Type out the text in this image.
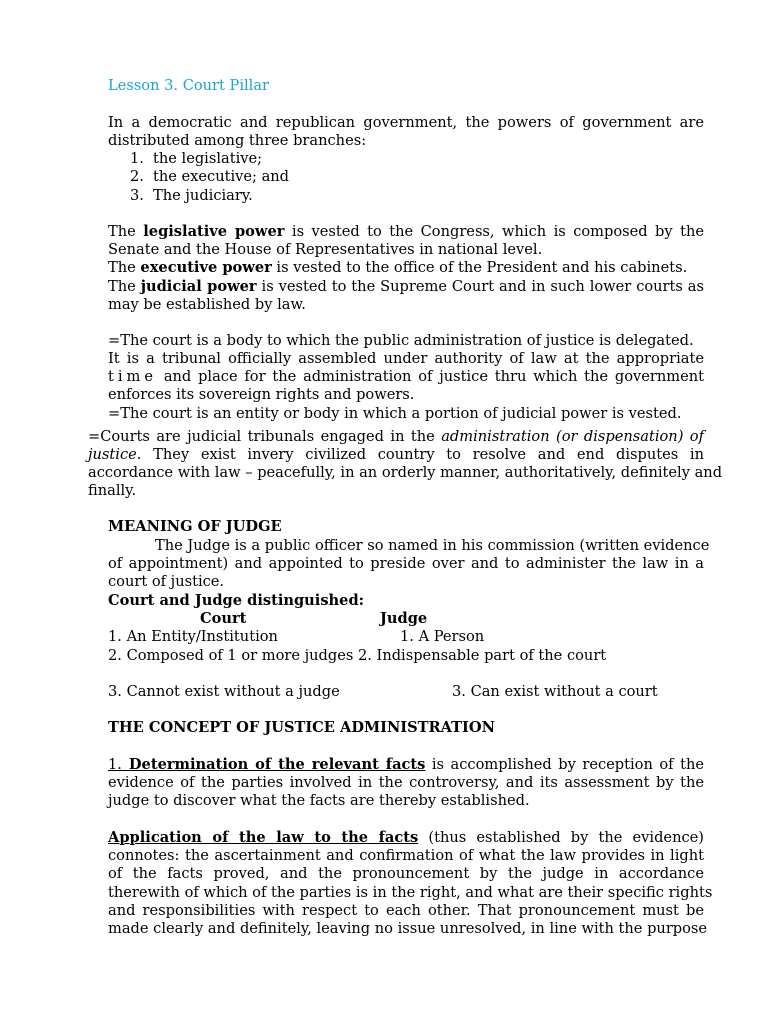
Lesson 3. Court Pillar
In a democratic and republican government, the powers of government are
distributed among three branches:
1. the legislative;
2. the executive; and
3. The judiciary.
The legislative power is vested to the Congress, which is composed by the
Senate and the House of Representatives in national level.
The executive power is vested to the office of the President and his cabinets.
The judicial power is vested to the Supreme Court and in such lower courts as
may be established by law.
=The court is a body to which the public administration of justice is delegated.
It is a tribunal officially assembled under authority of law at the appropriate
time and place for the administration of justice thru which the government
enforces its sovereign rights and powers.
=The court is an entity or body in which a portion of judicial power is vested.
=Courts are judicial tribunals engaged in the administration (or dispensation) of
justice. They exist invery civilized country to resolve and end disputes in
accordance with law – peacefully, in an orderly manner, authoritatively, definitely and
finally.
MEANING OF JUDGE
The Judge is a public officer so named in his commission (written evidence
of appointment) and appointed to preside over and to administer the law in a
court of justice.
Court and Judge distinguished:
Court	Judge
1. An Entity/Institution	1. A Person
2. Composed of 1 or more judges 2. Indispensable part of the court
3. Cannot exist without a judge	3. Can exist without a court
THE CONCEPT OF JUSTICE ADMINISTRATION
1. Determination of the relevant facts is accomplished by reception of the
evidence of the parties involved in the controversy, and its assessment by the
judge to discover what the facts are thereby established.
Application of the law to the facts (thus established by the evidence)
connotes: the ascertainment and confirmation of what the law provides in light
of the facts proved, and the pronouncement by the judge in accordance
therewith of which of the parties is in the right, and what are their specific rights
and responsibilities with respect to each other. That pronouncement must be
made clearly and definitely, leaving no issue unresolved, in line with the purpose
